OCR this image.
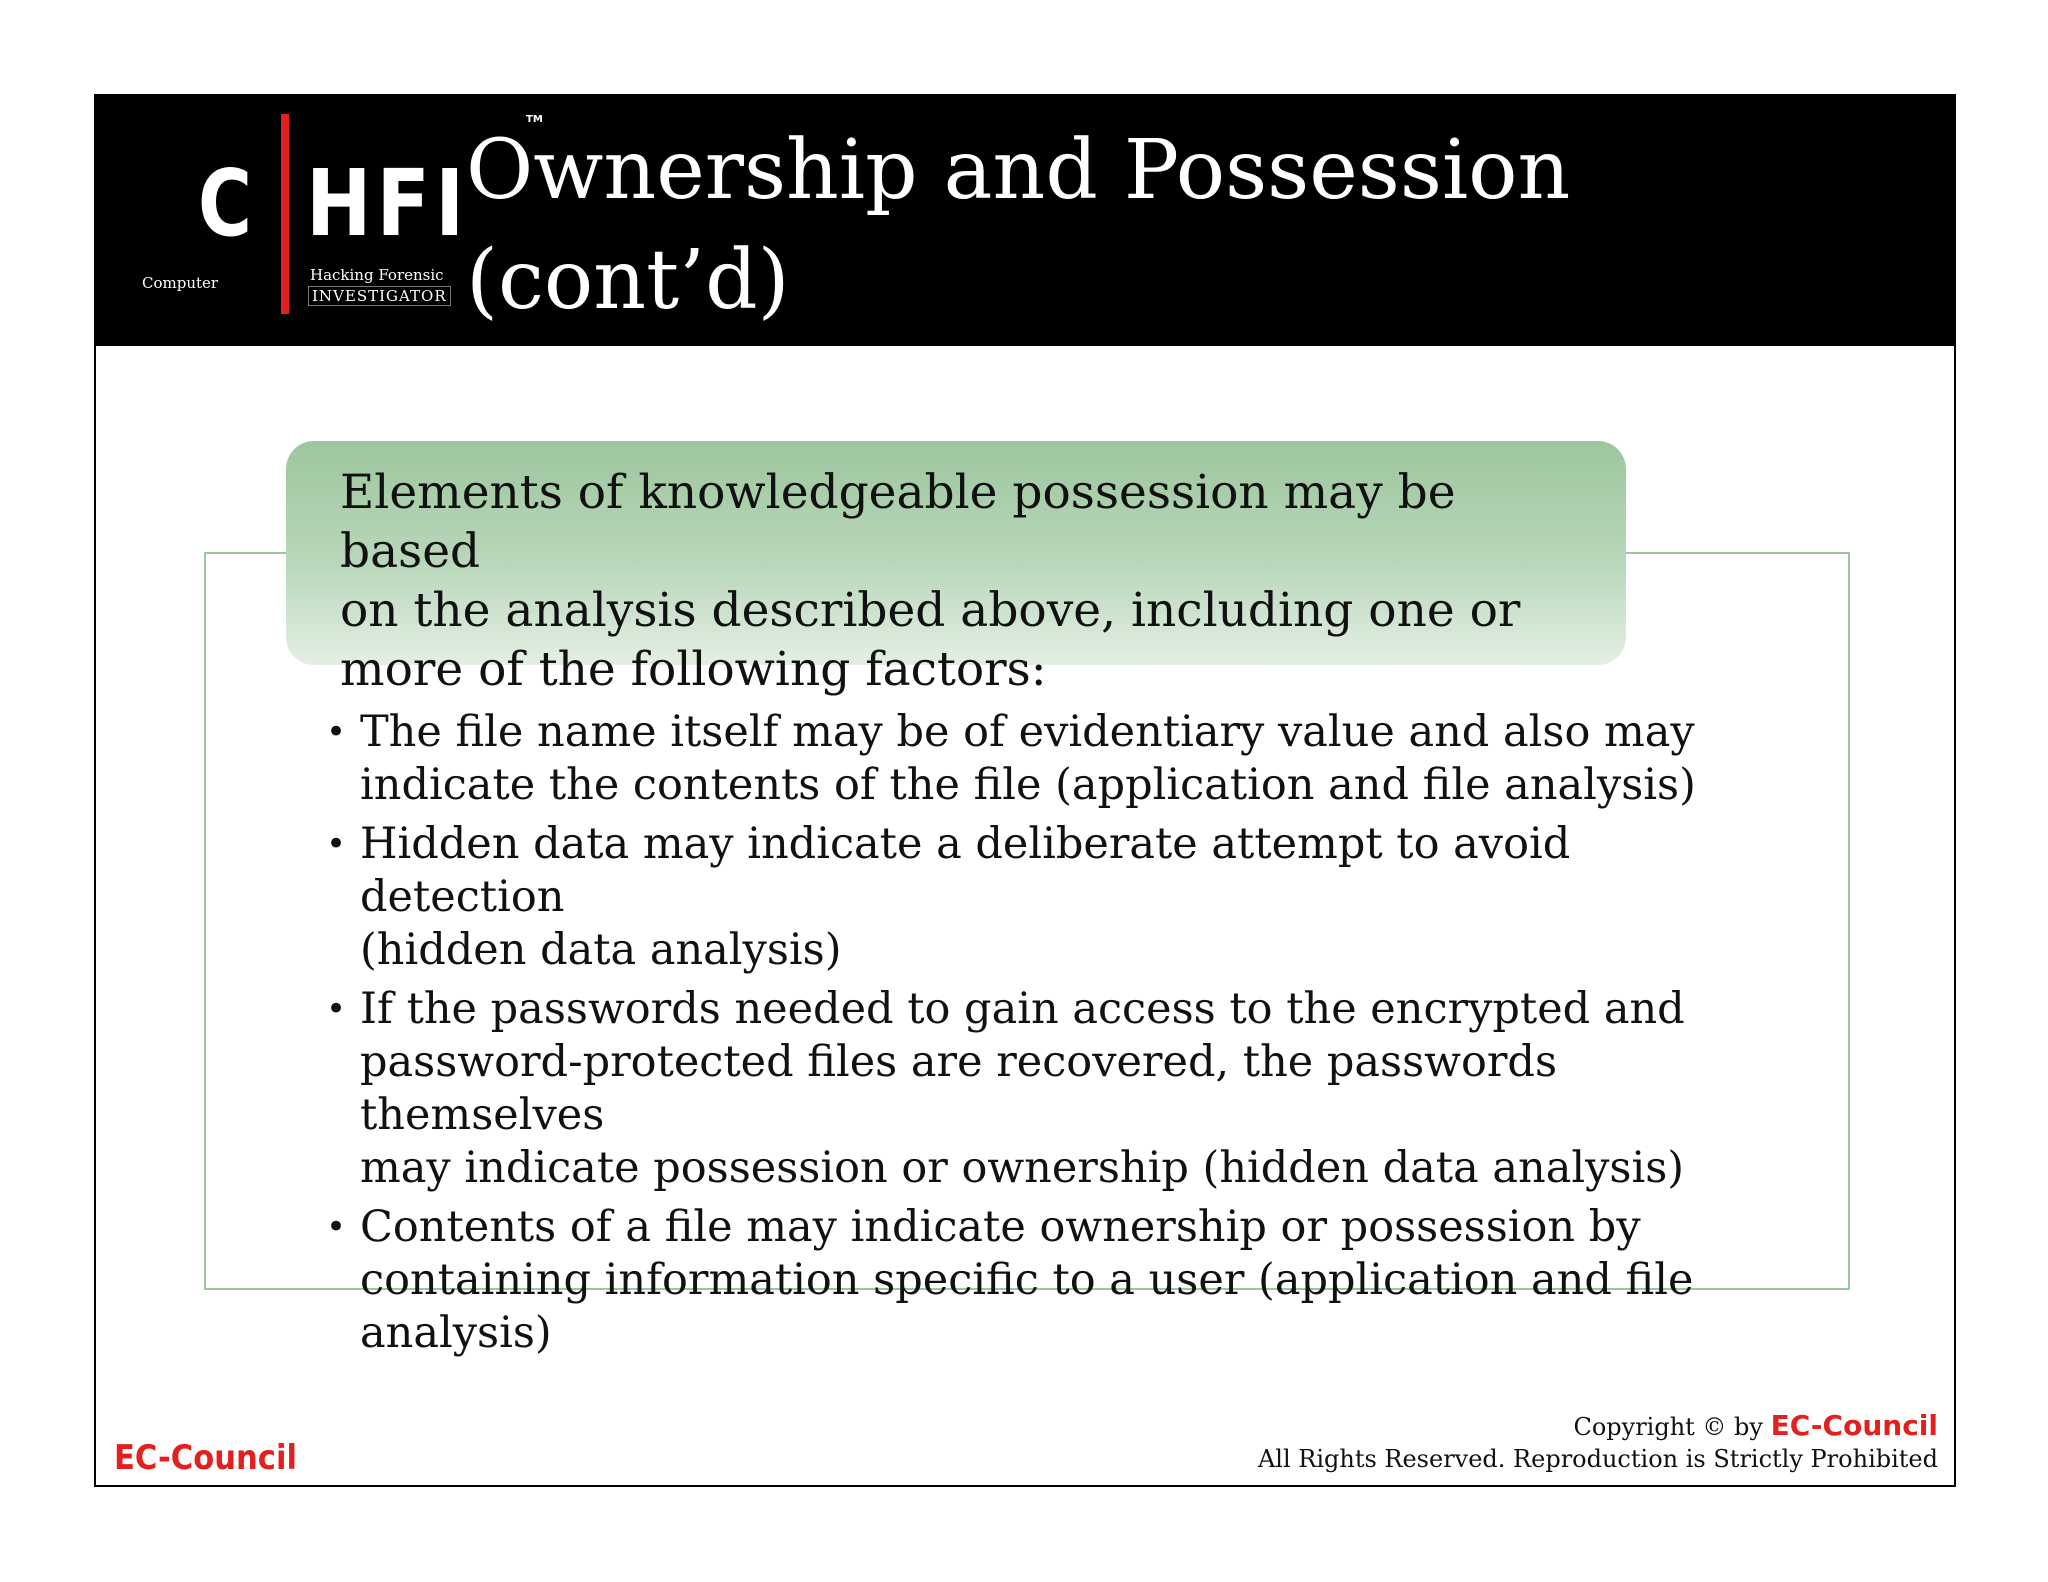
C HFI
TM
Computer	Hacking Forensic
INVESTIGATOR
Ownership and Possession
(cont’d)

Elements of knowledgeable possession may be based
on the analysis described above, including one or
more of the following factors:

• The file name itself may be of evidentiary value and also may
indicate the contents of the file (application and file analysis)
• Hidden data may indicate a deliberate attempt to avoid detection
(hidden data analysis)
• If the passwords needed to gain access to the encrypted and
password-protected files are recovered, the passwords themselves
may indicate possession or ownership (hidden data analysis)
• Contents of a file may indicate ownership or possession by
containing information specific to a user (application and file
analysis)
EC-Council
Copyright © by EC-Council
All Rights Reserved. Reproduction is Strictly Prohibited
